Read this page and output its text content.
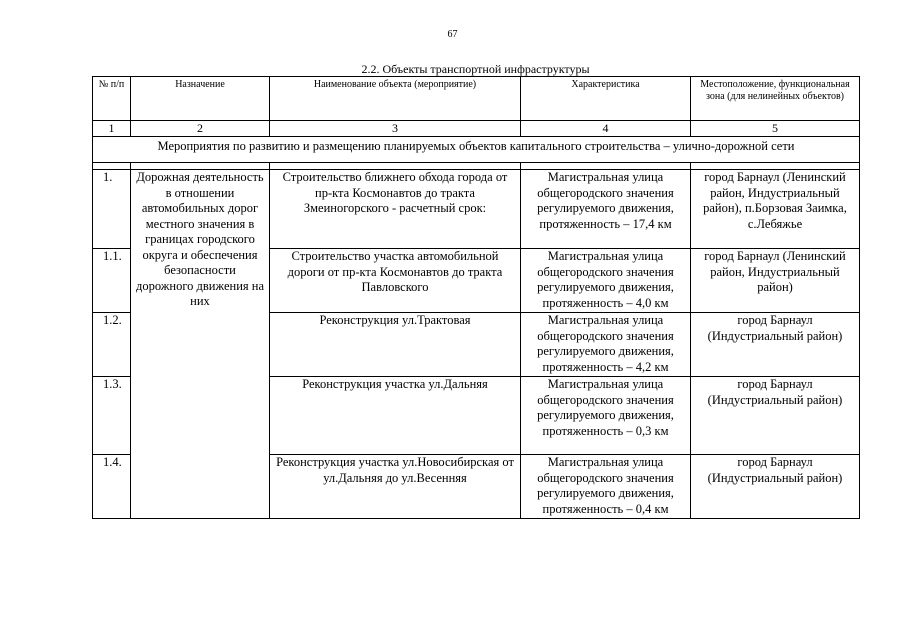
67
2.2. Объекты транспортной инфраструктуры
№ п/п	Назначение	Наименование объекта (мероприятие)	Характеристика	Местоположение, функциональная зона (для нелинейных объектов)
1	2	3	4	5
Мероприятия по развитию и размещению планируемых объектов капитального строительства – улично-дорожной сети				

1.	Дорожная деятельность в отношении автомобильных дорог местного значения в границах городского округа и обеспечения безопасности дорожного движения на них	Строительство ближнего обхода города от пр-кта Космонавтов до тракта Змеиногорского - расчетный срок:	Магистральная улица общегородского значения регулируемого движения, протяженность – 17,4 км	город Барнаул (Ленинский район, Индустриальный район), п.Борзовая Заимка, с.Лебяжье
1.1.		Строительство участка автомобильной дороги от пр-кта Космонавтов до тракта Павловского	Магистральная улица общегородского значения регулируемого движения, протяженность – 4,0 км	город Барнаул (Ленинский район, Индустриальный район)
1.2.		Реконструкция ул.Трактовая	Магистральная улица общегородского значения регулируемого движения, протяженность – 4,2 км	город Барнаул (Индустриальный район)
1.3.		Реконструкция участка ул.Дальняя	Магистральная улица общегородского значения регулируемого движения, протяженность – 0,3 км	город Барнаул (Индустриальный район)
1.4.		Реконструкция участка ул.Новосибирская от ул.Дальняя до ул.Весенняя	Магистральная улица общегородского значения регулируемого движения, протяженность – 0,4 км	город Барнаул (Индустриальный район)
